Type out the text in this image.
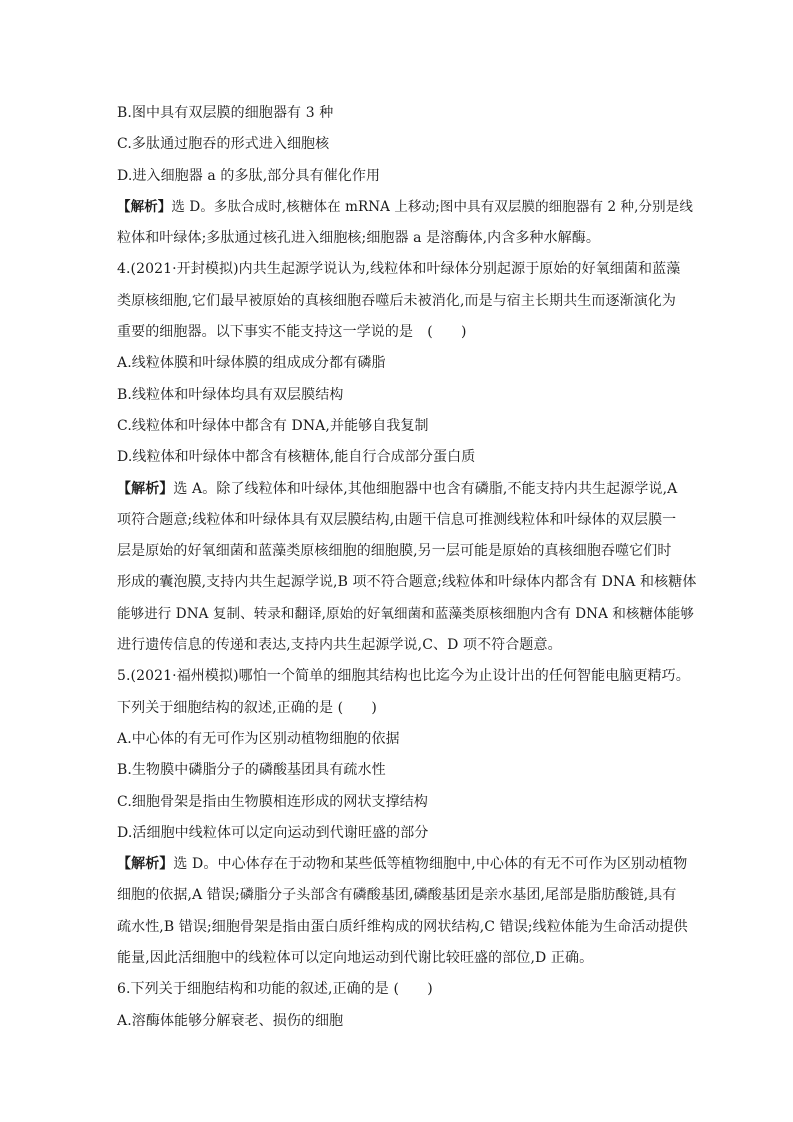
B.图中具有双层膜的细胞器有 3 种
C.多肽通过胞吞的形式进入细胞核
D.进入细胞器 a 的多肽,部分具有催化作用
【解析】选 D。多肽合成时,核糖体在 mRNA 上移动;图中具有双层膜的细胞器有 2 种,分别是线
粒体和叶绿体;多肽通过核孔进入细胞核;细胞器 a 是溶酶体,内含多种水解酶。
4.(2021·开封模拟)内共生起源学说认为,线粒体和叶绿体分别起源于原始的好氧细菌和蓝藻
类原核细胞,它们最早被原始的真核细胞吞噬后未被消化,而是与宿主长期共生而逐渐演化为
重要的细胞器。以下事实不能支持这一学说的是　(　　)
A.线粒体膜和叶绿体膜的组成成分都有磷脂
B.线粒体和叶绿体均具有双层膜结构
C.线粒体和叶绿体中都含有 DNA,并能够自我复制
D.线粒体和叶绿体中都含有核糖体,能自行合成部分蛋白质
【解析】选 A。除了线粒体和叶绿体,其他细胞器中也含有磷脂,不能支持内共生起源学说,A
项符合题意;线粒体和叶绿体具有双层膜结构,由题干信息可推测线粒体和叶绿体的双层膜一
层是原始的好氧细菌和蓝藻类原核细胞的细胞膜,另一层可能是原始的真核细胞吞噬它们时
形成的囊泡膜,支持内共生起源学说,B 项不符合题意;线粒体和叶绿体内都含有 DNA 和核糖体
能够进行 DNA 复制、转录和翻译,原始的好氧细菌和蓝藻类原核细胞内含有 DNA 和核糖体能够
进行遗传信息的传递和表达,支持内共生起源学说,C、D 项不符合题意。
5.(2021·福州模拟)哪怕一个简单的细胞其结构也比迄今为止设计出的任何智能电脑更精巧。
下列关于细胞结构的叙述,正确的是 (　　)
A.中心体的有无可作为区别动植物细胞的依据
B.生物膜中磷脂分子的磷酸基团具有疏水性
C.细胞骨架是指由生物膜相连形成的网状支撑结构
D.活细胞中线粒体可以定向运动到代谢旺盛的部分
【解析】选 D。中心体存在于动物和某些低等植物细胞中,中心体的有无不可作为区别动植物
细胞的依据,A 错误;磷脂分子头部含有磷酸基团,磷酸基团是亲水基团,尾部是脂肪酸链,具有
疏水性,B 错误;细胞骨架是指由蛋白质纤维构成的网状结构,C 错误;线粒体能为生命活动提供
能量,因此活细胞中的线粒体可以定向地运动到代谢比较旺盛的部位,D 正确。
6.下列关于细胞结构和功能的叙述,正确的是 (　　)
A.溶酶体能够分解衰老、损伤的细胞
